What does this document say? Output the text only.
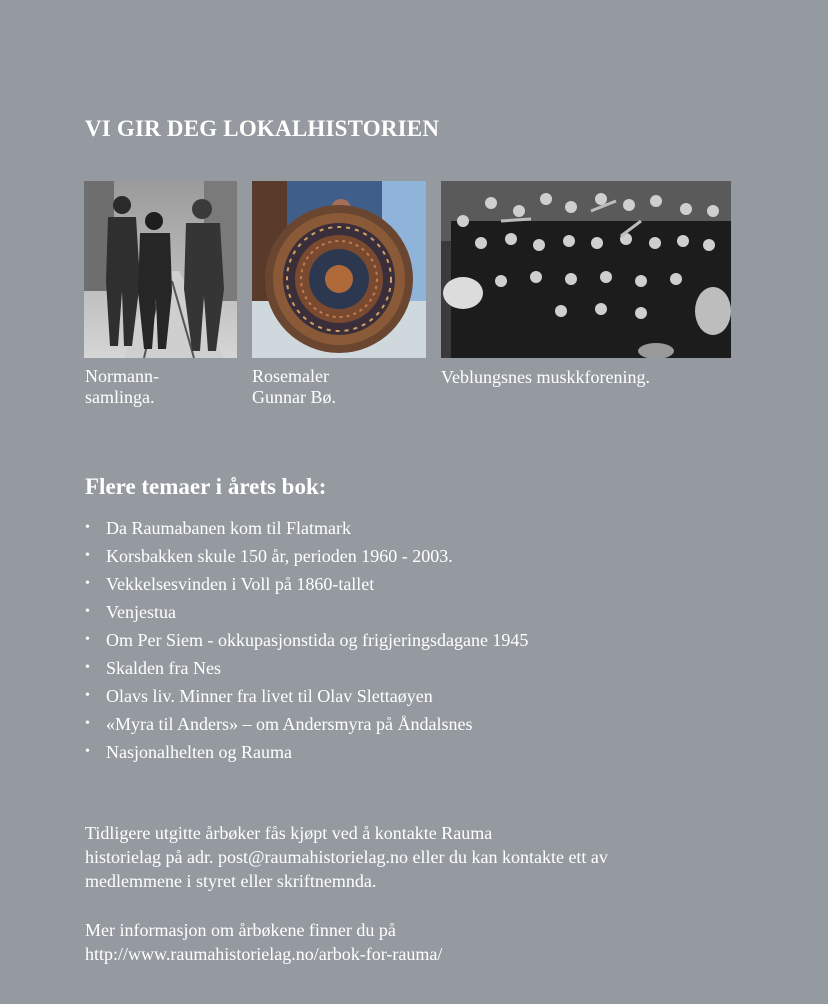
VI GIR DEG LOKALHISTORIEN

Normann-
samlinga.

Rosemaler
Gunnar Bø.

Veblungsnes muskkforening.

Flere temaer i årets bok:
• Da Raumabanen kom til Flatmark
• Korsbakken skule 150 år, perioden 1960 - 2003.
• Vekkelsesvinden i Voll på 1860-tallet
• Venjestua
• Om Per Siem - okkupasjonstida og frigjeringsdagane 1945
• Skalden fra Nes
• Olavs liv. Minner fra livet til Olav Slettaøyen
• «Myra til Anders» – om Andersmyra på Åndalsnes
• Nasjonalhelten og Rauma

Tidligere utgitte årbøker fås kjøpt ved å kontakte Rauma
historielag på adr. post@raumahistorielag.no eller du kan kontakte ett av
medlemmene i styret eller skriftnemnda.

Mer informasjon om årbøkene finner du på
http://www.raumahistorielag.no/arbok-for-rauma/
